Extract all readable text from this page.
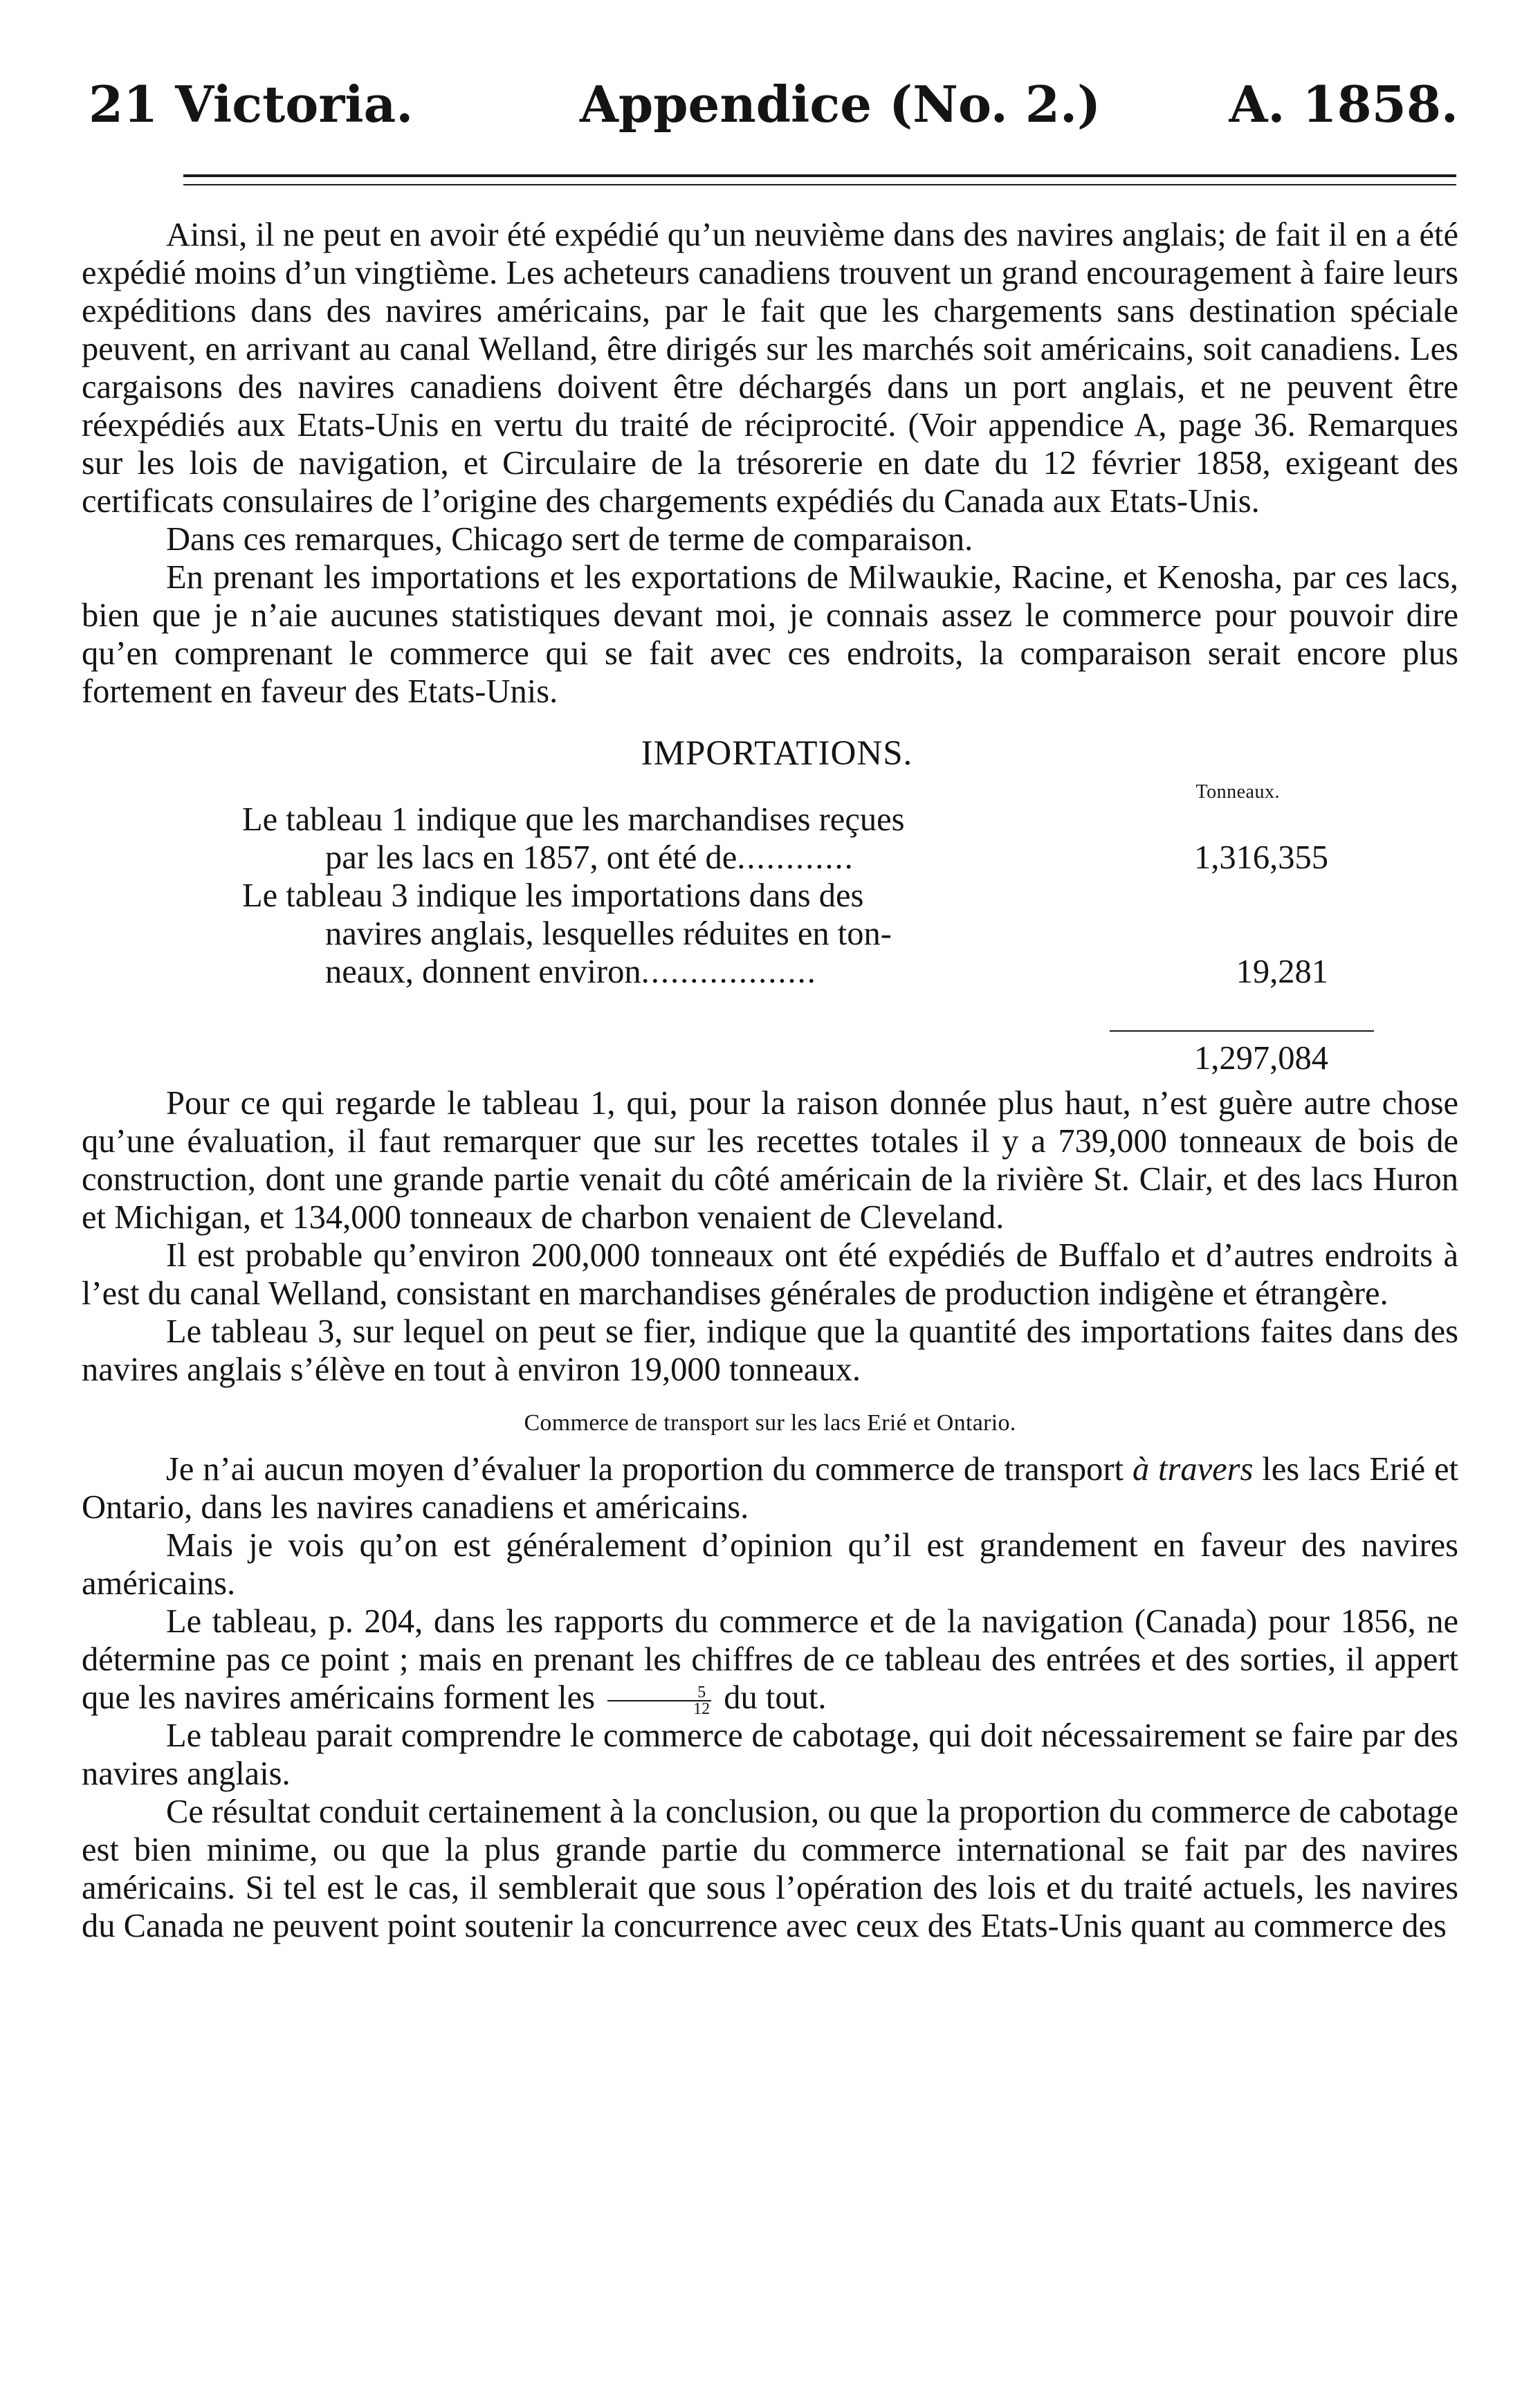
21 Victoria.	Appendice (No. 2.)	A. 1858.

Ainsi, il ne peut en avoir été expédié qu’un neuvième dans des navires anglais; de fait il en a été expédié moins d’un vingtième. Les acheteurs canadiens trouvent un grand encouragement à faire leurs expéditions dans des navires américains, par le fait que les chargements sans destination spéciale peuvent, en arrivant au canal Welland, être dirigés sur les marchés soit américains, soit canadiens. Les cargaisons des navires canadiens doivent être déchargés dans un port anglais, et ne peuvent être réexpédiés aux Etats-Unis en vertu du traité de réciprocité. (Voir appendice A, page 36. Remarques sur les lois de navigation, et Circulaire de la trésorerie en date du 12 février 1858, exigeant des certificats consulaires de l’origine des chargements expédiés du Canada aux Etats-Unis.

Dans ces remarques, Chicago sert de terme de comparaison.

En prenant les importations et les exportations de Milwaukie, Racine, et Kenosha, par ces lacs, bien que je n’aie aucunes statistiques devant moi, je connais assez le commerce pour pouvoir dire qu’en comprenant le commerce qui se fait avec ces endroits, la comparaison serait encore plus fortement en faveur des Etats-Unis.

IMPORTATIONS.
Tonneaux.
Le tableau 1 indique que les marchandises reçues
par les lacs en 1857, ont été de............	1,316,355
Le tableau 3 indique les importations dans des
navires anglais, lesquelles réduites en ton-
neaux, donnent environ..................	19,281
1,297,084

Pour ce qui regarde le tableau 1, qui, pour la raison donnée plus haut, n’est guère autre chose qu’une évaluation, il faut remarquer que sur les recettes totales il y a 739,000 tonneaux de bois de construction, dont une grande partie venait du côté américain de la rivière St. Clair, et des lacs Huron et Michigan, et 134,000 tonneaux de charbon venaient de Cleveland.

Il est probable qu’environ 200,000 tonneaux ont été expédiés de Buffalo et d’autres endroits à l’est du canal Welland, consistant en marchandises générales de production indigène et étrangère.

Le tableau 3, sur lequel on peut se fier, indique que la quantité des importations faites dans des navires anglais s’élève en tout à environ 19,000 tonneaux.

Commerce de transport sur les lacs Erié et Ontario.

Je n’ai aucun moyen d’évaluer la proportion du commerce de transport à travers les lacs Erié et Ontario, dans les navires canadiens et américains.

Mais je vois qu’on est généralement d’opinion qu’il est grandement en faveur des navires américains.

Le tableau, p. 204, dans les rapports du commerce et de la navigation (Canada) pour 1856, ne détermine pas ce point ; mais en prenant les chiffres de ce tableau des entrées et des sorties, il appert que les navires américains forment les $\frac{5}{12}$ du tout.

Le tableau parait comprendre le commerce de cabotage, qui doit nécessairement se faire par des navires anglais.

Ce résultat conduit certainement à la conclusion, ou que la proportion du commerce de cabotage est bien minime, ou que la plus grande partie du commerce international se fait par des navires américains. Si tel est le cas, il semblerait que sous l’opération des lois et du traité actuels, les navires du Canada ne peuvent point soutenir la concurrence avec ceux des Etats-Unis quant au commerce des
